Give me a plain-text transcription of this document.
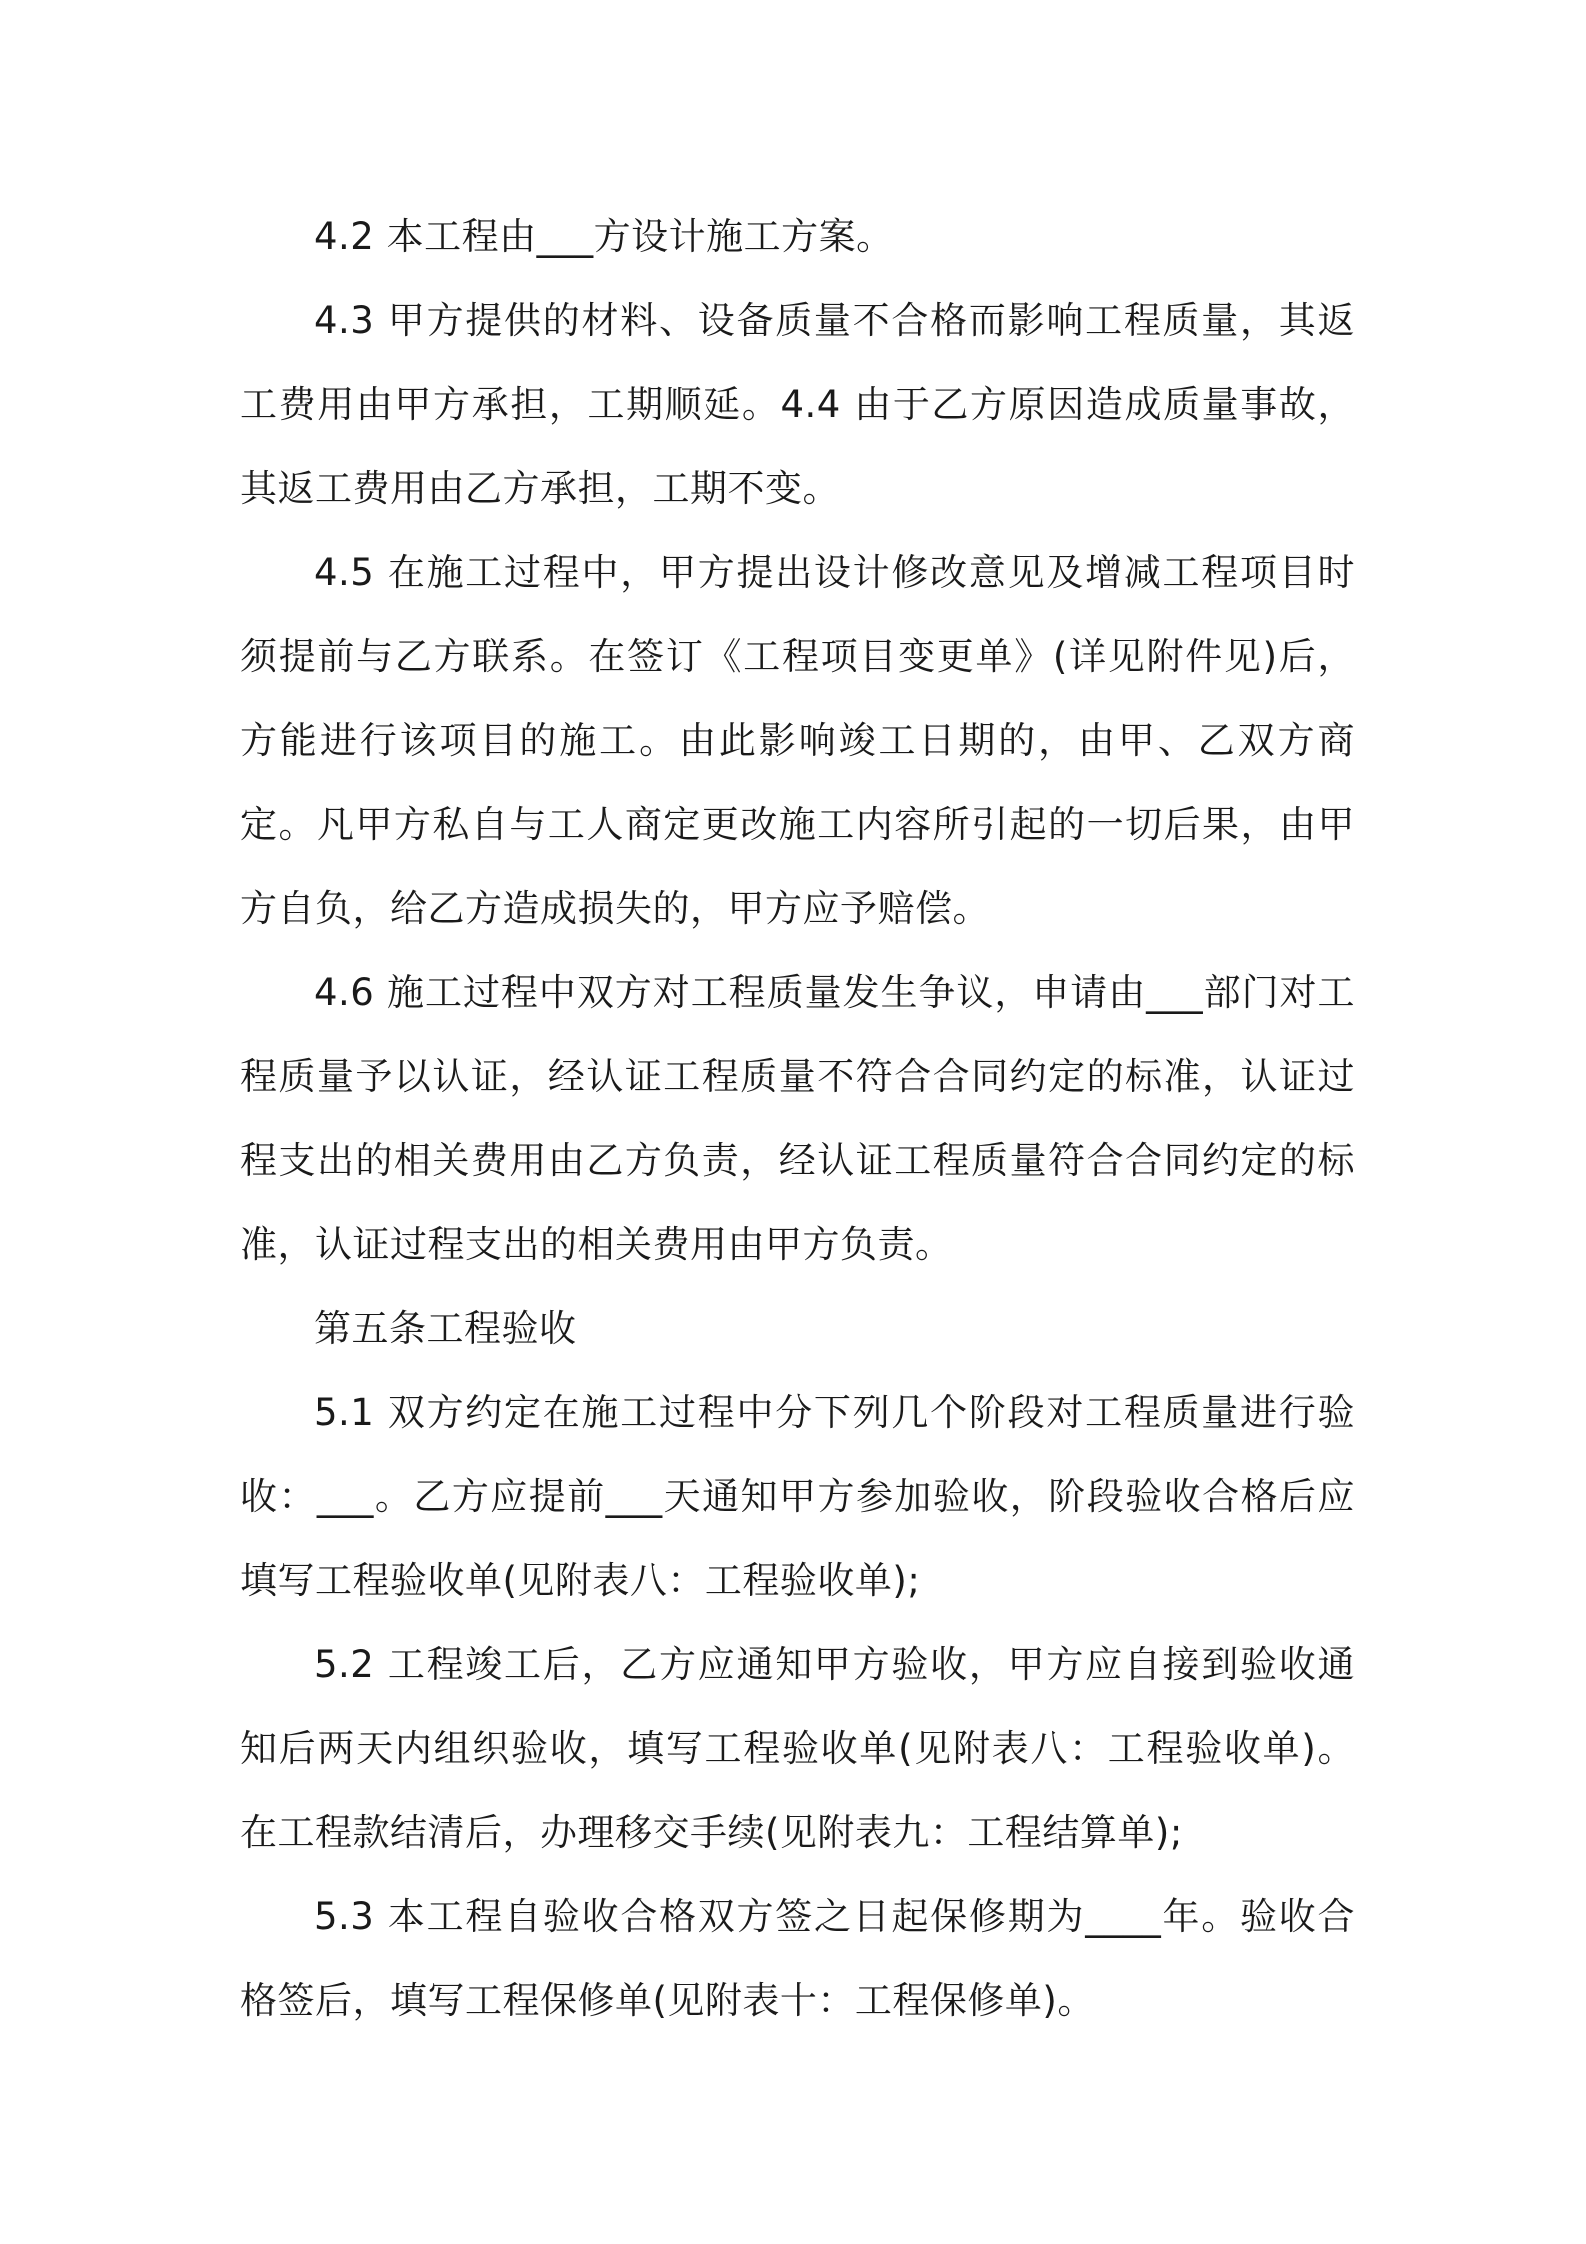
4.2 本工程由___方设计施工方案。

4.3 甲方提供的材料、设备质量不合格而影响工程质量，其返工费用由甲方承担，工期顺延。4.4 由于乙方原因造成质量事故，其返工费用由乙方承担，工期不变。

4.5 在施工过程中，甲方提出设计修改意见及增减工程项目时须提前与乙方联系。在签订《工程项目变更单》(详见附件见)后，方能进行该项目的施工。由此影响竣工日期的，由甲、乙双方商定。凡甲方私自与工人商定更改施工内容所引起的一切后果，由甲方自负，给乙方造成损失的，甲方应予赔偿。

4.6 施工过程中双方对工程质量发生争议，申请由___部门对工程质量予以认证，经认证工程质量不符合合同约定的标准，认证过程支出的相关费用由乙方负责，经认证工程质量符合合同约定的标准，认证过程支出的相关费用由甲方负责。

第五条工程验收

5.1 双方约定在施工过程中分下列几个阶段对工程质量进行验收：___。乙方应提前___天通知甲方参加验收，阶段验收合格后应填写工程验收单(见附表八：工程验收单);

5.2 工程竣工后，乙方应通知甲方验收，甲方应自接到验收通知后两天内组织验收，填写工程验收单(见附表八：工程验收单)。在工程款结清后，办理移交手续(见附表九：工程结算单);

5.3 本工程自验收合格双方签之日起保修期为____年。验收合格签后，填写工程保修单(见附表十：工程保修单)。
